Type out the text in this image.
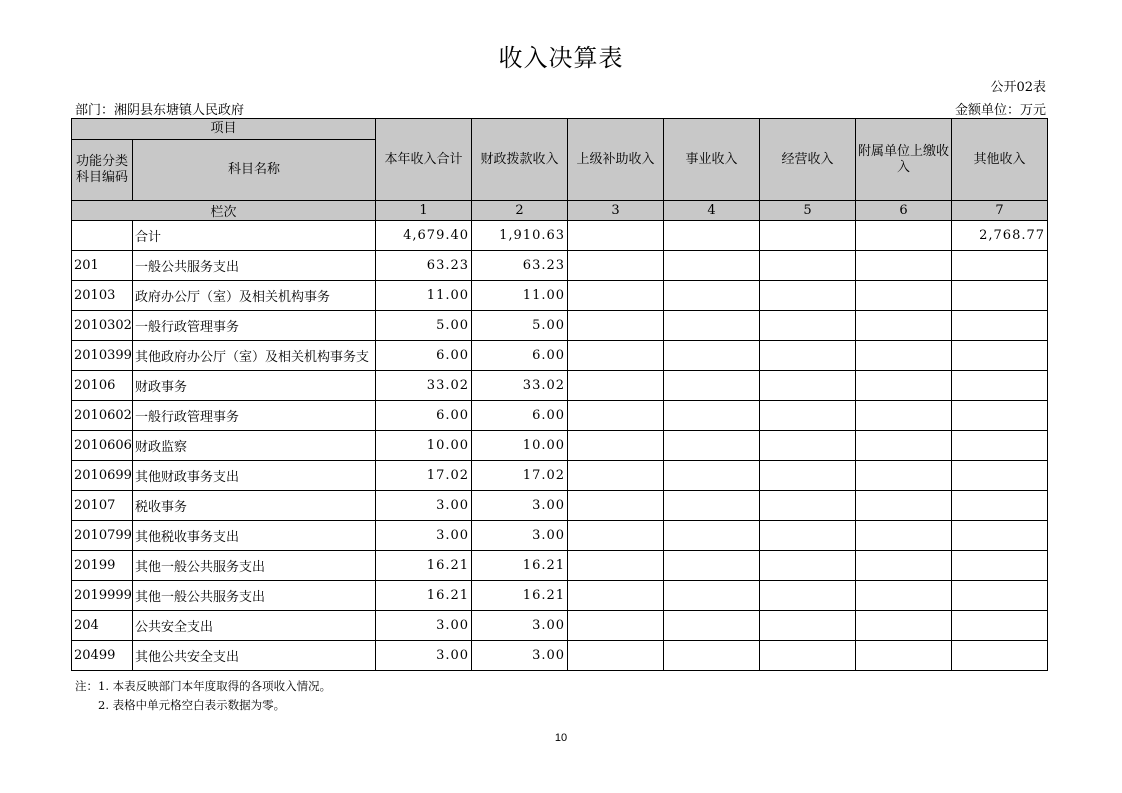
收入决算表
公开02表
部门：湘阴县东塘镇人民政府	金额单位：万元
项目		本年收入合计	财政拨款收入	上级补助收入	事业收入	经营收入	附属单位上缴收入	其他收入
功能分类科目编码	科目名称							
栏次		1	2	3	4	5	6	7
	合计	4,679.40	1,910.63					2,768.77
201	一般公共服务支出	63.23	63.23					
20103	政府办公厅（室）及相关机构事务	11.00	11.00					
2010302	一般行政管理事务	5.00	5.00					
2010399	其他政府办公厅（室）及相关机构事务支	6.00	6.00					
20106	财政事务	33.02	33.02					
2010602	一般行政管理事务	6.00	6.00					
2010606	财政监察	10.00	10.00					
2010699	其他财政事务支出	17.02	17.02					
20107	税收事务	3.00	3.00					
2010799	其他税收事务支出	3.00	3.00					
20199	其他一般公共服务支出	16.21	16.21					
2019999	其他一般公共服务支出	16.21	16.21					
204	公共安全支出	3.00	3.00					
20499	其他公共安全支出	3.00	3.00					
注：1. 本表反映部门本年度取得的各项收入情况。
2. 表格中单元格空白表示数据为零。
10
